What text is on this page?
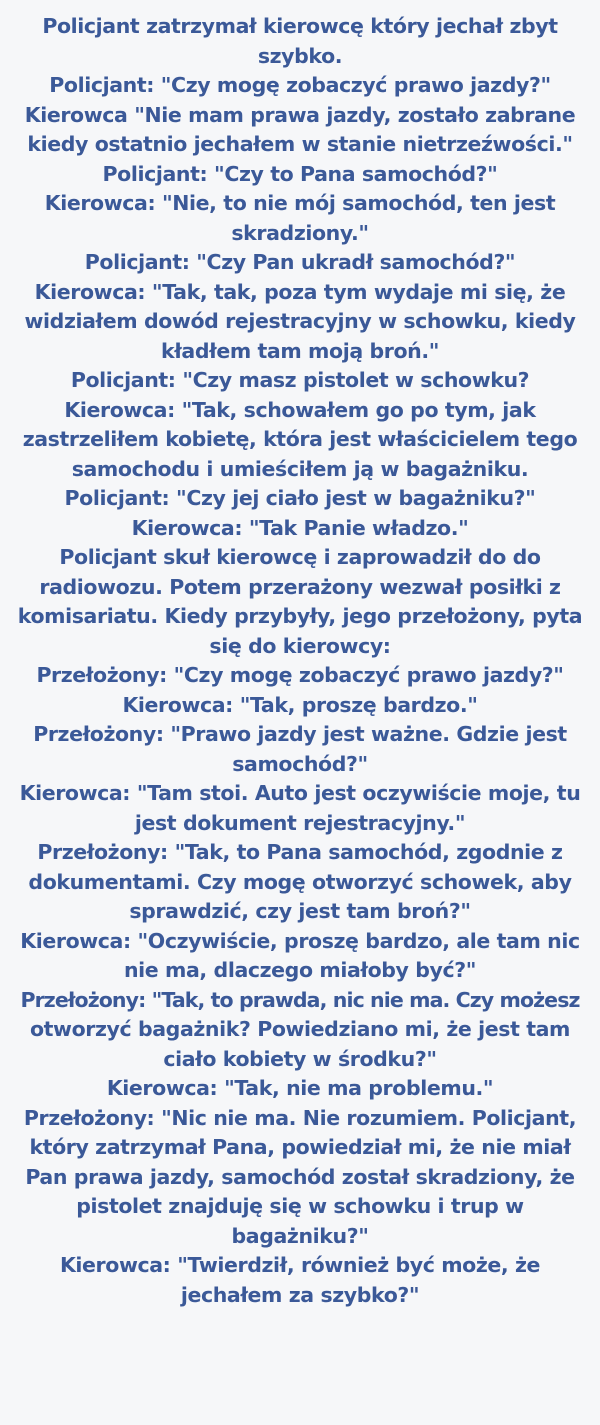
Policjant zatrzymał kierowcę który jechał zbyt
szybko.
Policjant: "Czy mogę zobaczyć prawo jazdy?"
Kierowca "Nie mam prawa jazdy, zostało zabrane
kiedy ostatnio jechałem w stanie nietrzeźwości."
Policjant: "Czy to Pana samochód?"
Kierowca: "Nie, to nie mój samochód, ten jest
skradziony."
Policjant: "Czy Pan ukradł samochód?"
Kierowca: "Tak, tak, poza tym wydaje mi się, że
widziałem dowód rejestracyjny w schowku, kiedy
kładłem tam moją broń."
Policjant: "Czy masz pistolet w schowku?
Kierowca: "Tak, schowałem go po tym, jak
zastrzeliłem kobietę, która jest właścicielem tego
samochodu i umieściłem ją w bagażniku.
Policjant: "Czy jej ciało jest w bagażniku?"
Kierowca: "Tak Panie władzo."
Policjant skuł kierowcę i zaprowadził do do
radiowozu. Potem przerażony wezwał posiłki z
komisariatu. Kiedy przybyły, jego przełożony, pyta
się do kierowcy:
Przełożony: "Czy mogę zobaczyć prawo jazdy?"
Kierowca: "Tak, proszę bardzo."
Przełożony: "Prawo jazdy jest ważne. Gdzie jest
samochód?"
Kierowca: "Tam stoi. Auto jest oczywiście moje, tu
jest dokument rejestracyjny."
Przełożony: "Tak, to Pana samochód, zgodnie z
dokumentami. Czy mogę otworzyć schowek, aby
sprawdzić, czy jest tam broń?"
Kierowca: "Oczywiście, proszę bardzo, ale tam nic
nie ma, dlaczego miałoby być?"
Przełożony: "Tak, to prawda, nic nie ma. Czy możesz
otworzyć bagażnik? Powiedziano mi, że jest tam
ciało kobiety w środku?"
Kierowca: "Tak, nie ma problemu."
Przełożony: "Nic nie ma. Nie rozumiem. Policjant,
który zatrzymał Pana, powiedział mi, że nie miał
Pan prawa jazdy, samochód został skradziony, że
pistolet znajduję się w schowku i trup w
bagażniku?"
Kierowca: "Twierdził, również być może, że
jechałem za szybko?"
